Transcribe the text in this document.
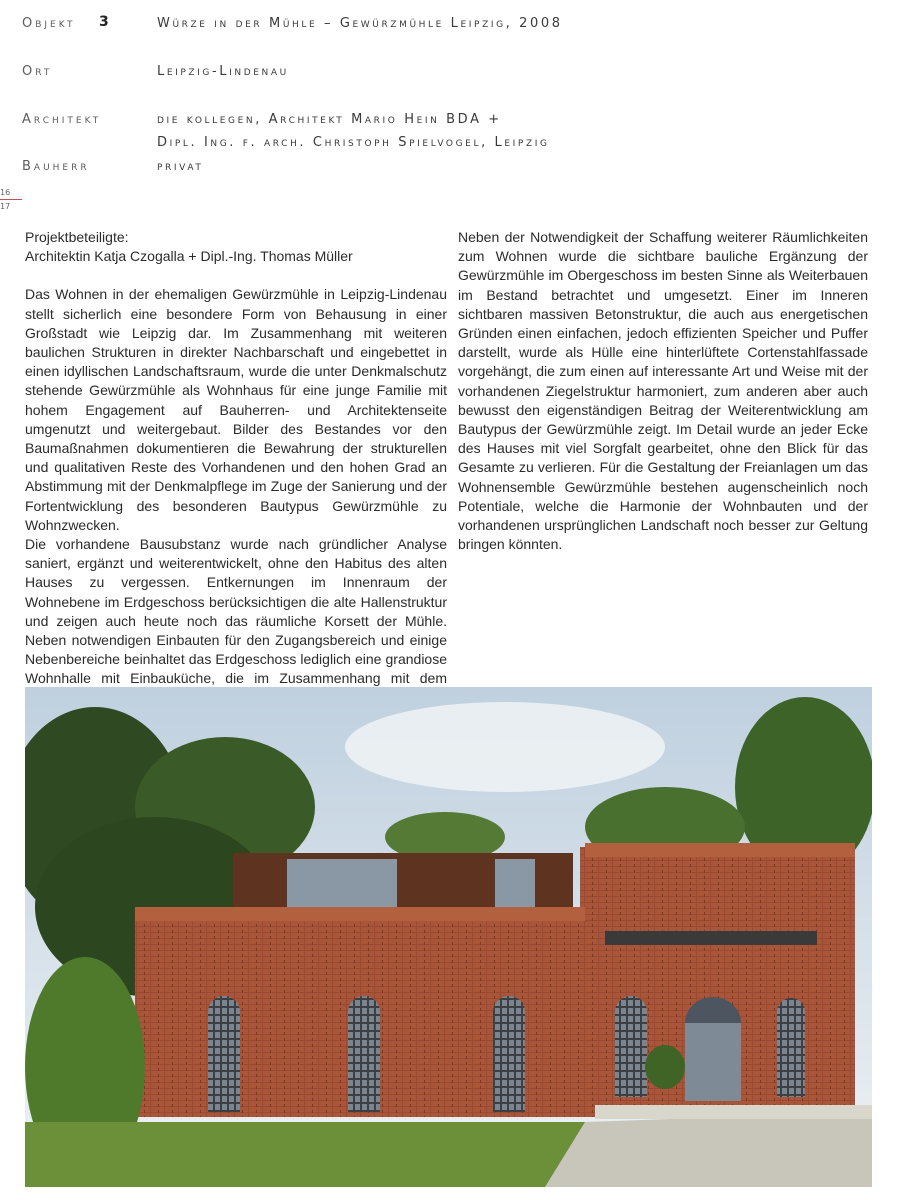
Objekt 3	Würze in der Mühle – Gewürzmühle Leipzig, 2008
Ort	Leipzig-Lindenau
Architekt	die kollegen, Architekt Mario Hein BDA +
Dipl. Ing. f. arch. Christoph Spielvogel, Leipzig
Bauherr	privat
16
17

Projektbeteiligte:

Architektin Katja Czogalla + Dipl.-Ing. Thomas Müller

Das Wohnen in der ehemaligen Gewürzmühle in Leipzig-Lindenau stellt sicherlich eine besondere Form von Behausung in einer Großstadt wie Leipzig dar. Im Zusammenhang mit weiteren baulichen Strukturen in direkter Nachbarschaft und eingebettet in einen idyllischen Landschaftsraum, wurde die unter Denkmalschutz stehende Gewürzmühle als Wohnhaus für eine junge Familie mit hohem Engagement auf Bauherren- und Architektenseite umgenutzt und weitergebaut. Bilder des Bestandes vor den Baumaßnahmen dokumentieren die Bewahrung der strukturellen und qualitativen Reste des Vorhandenen und den hohen Grad an Abstimmung mit der Denkmalpflege im Zuge der Sanierung und der Fortentwicklung des besonderen Bautypus Gewürzmühle zu Wohnzwecken.

Die vorhandene Bausubstanz wurde nach gründlicher Analyse saniert, ergänzt und weiterentwickelt, ohne den Habitus des alten Hauses zu vergessen. Entkernungen im Innenraum der Wohnebene im Erdgeschoss berücksichtigen die alte Hallenstruktur und zeigen auch heute noch das räumliche Korsett der Mühle. Neben notwendigen Einbauten für den Zugangsbereich und einige Nebenbereiche beinhaltet das Erdgeschoss lediglich eine grandiose Wohnhalle mit Einbauküche, die im Zusammenhang mit dem

Neben der Notwendigkeit der Schaffung weiterer Räumlichkeiten zum Wohnen wurde die sichtbare bauliche Ergänzung der Gewürzmühle im Obergeschoss im besten Sinne als Weiterbauen im Bestand betrachtet und umgesetzt. Einer im Inneren sichtbaren massiven Betonstruktur, die auch aus energetischen Gründen einen einfachen, jedoch effizienten Speicher und Puffer darstellt, wurde als Hülle eine hinterlüftete Cortenstahlfassade vorgehängt, die zum einen auf interessante Art und Weise mit der vorhandenen Ziegelstruktur harmoniert, zum anderen aber auch bewusst den eigenständigen Beitrag der Weiterentwicklung am Bautypus der Gewürzmühle zeigt. Im Detail wurde an jeder Ecke des Hauses mit viel Sorgfalt gearbeitet, ohne den Blick für das Gesamte zu verlieren. Für die Gestaltung der Freianlagen um das Wohnensemble Gewürzmühle bestehen augenscheinlich noch Potentiale, welche die Harmonie der Wohnbauten und der vorhandenen ursprünglichen Landschaft noch besser zur Geltung bringen könnten.
